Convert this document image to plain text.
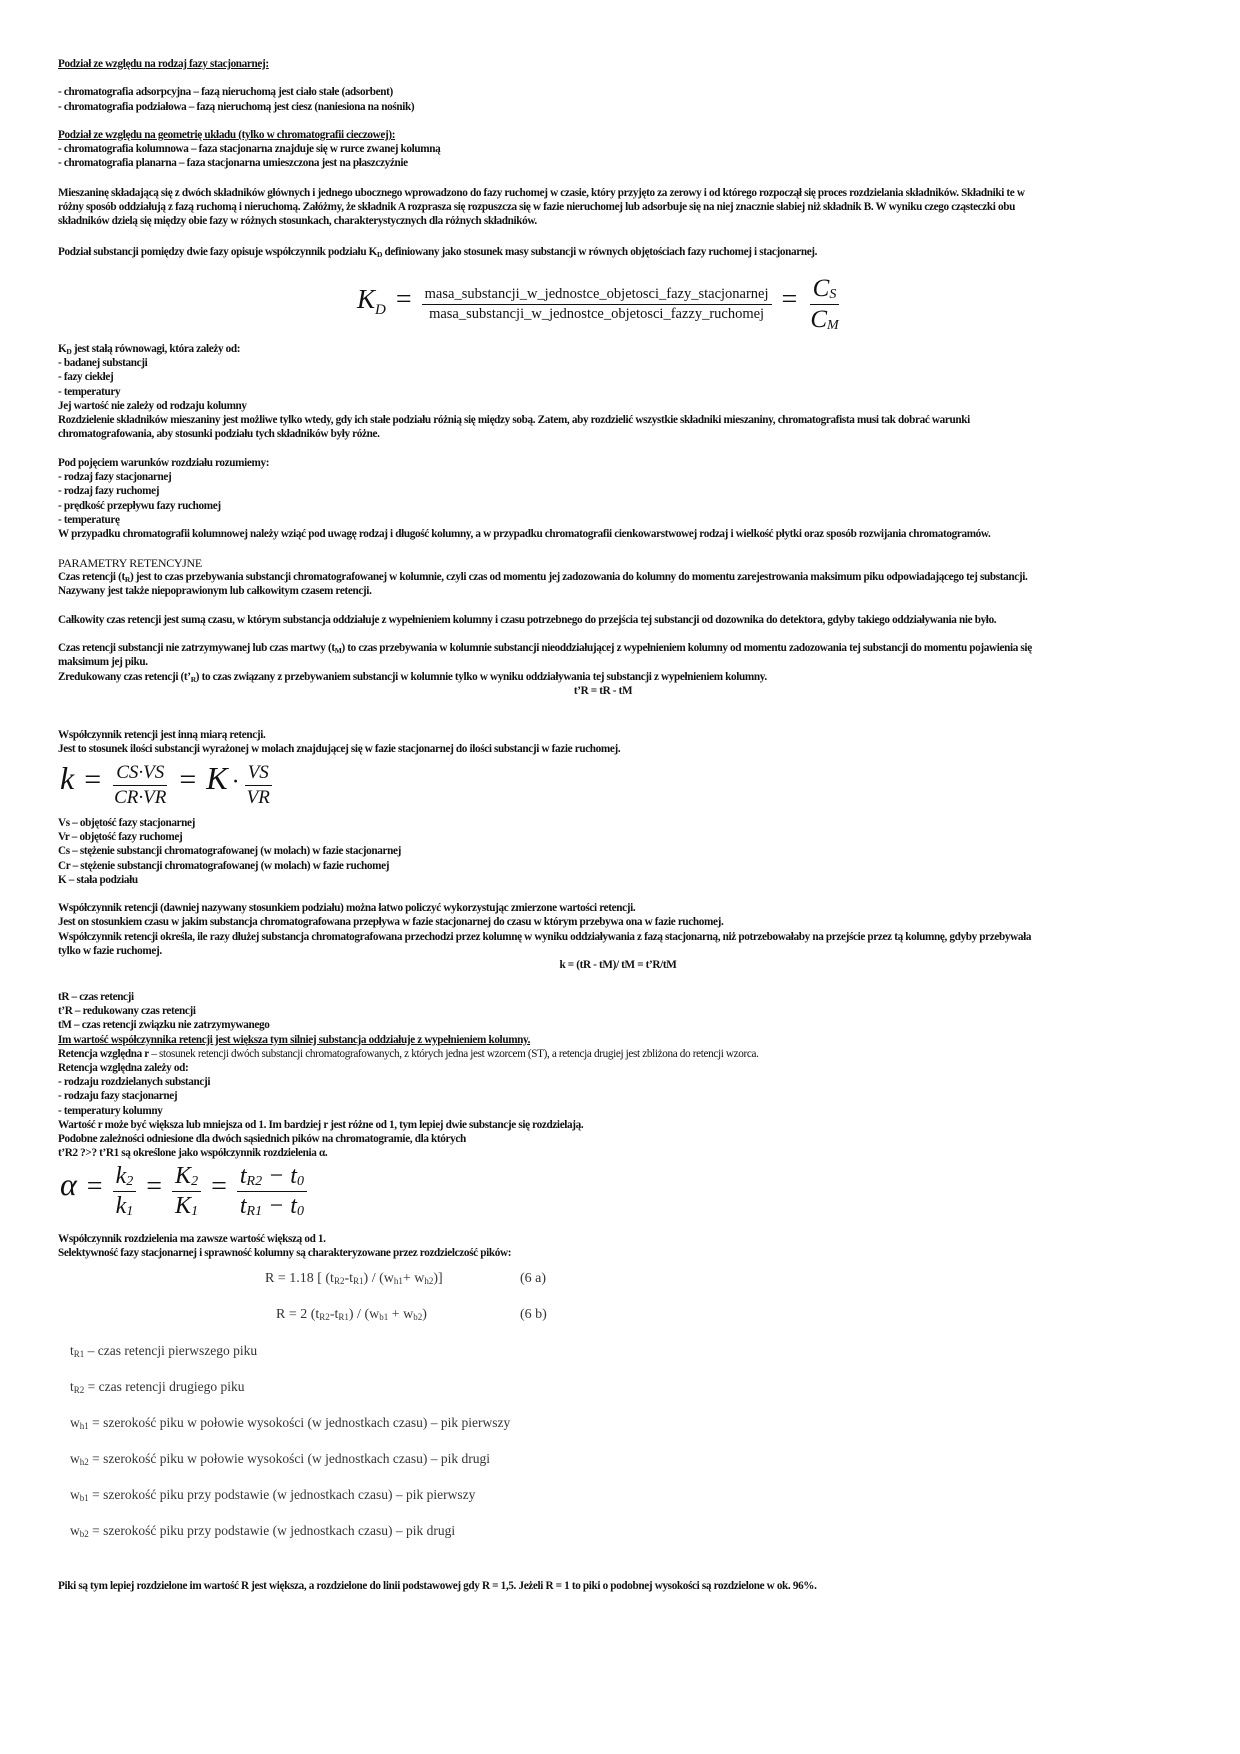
Podział ze względu na rodzaj fazy stacjonarnej:

- chromatografia adsorpcyjna – fazą nieruchomą jest ciało stałe (adsorbent)

- chromatografia podziałowa – fazą nieruchomą jest ciesz (naniesiona na nośnik)

Podział ze względu na geometrię układu (tylko w chromatografii cieczowej):

- chromatografia kolumnowa – faza stacjonarna znajduje się w rurce zwanej kolumną

- chromatografia planarna – faza stacjonarna umieszczona jest na płaszczyźnie

Mieszaninę składającą się z dwóch składników głównych i jednego ubocznego wprowadzono do fazy ruchomej w czasie, który przyjęto za zerowy i od którego rozpoczął się proces rozdzielania składników. Składniki te w

różny sposób oddziałują z fazą ruchomą i nieruchomą. Załóżmy, że składnik A rozprasza się rozpuszcza się w fazie nieruchomej lub adsorbuje się na niej znacznie słabiej niż składnik B. W wyniku czego cząsteczki obu

składników dzielą się między obie fazy w różnych stosunkach, charakterystycznych dla różnych składników.

Podział substancji pomiędzy dwie fazy opisuje współczynnik podziału $K_D$ definiowany jako stosunek masy substancji w równych objętościach fazy ruchomej i stacjonarnej.

$K_D = \frac{\text{masa\_substancji\_w\_jednostce\_objetosci\_fazy\_stacjonarnej}}{\text{masa\_substancji\_w\_jednostce\_objetosci\_fazzy\_ruchomej}} = \frac{C_S}{C_M}$

$K_D$ jest stałą równowagi, która zależy od:

- badanej substancji

- fazy ciekłej

- temperatury

Jej wartość nie zależy od rodzaju kolumny

Rozdzielenie składników mieszaniny jest możliwe tylko wtedy, gdy ich stałe podziału różnią się między sobą. Zatem, aby rozdzielić wszystkie składniki mieszaniny, chromatografista musi tak dobrać warunki

chromatografowania, aby stosunki podziału tych składników były różne.

Pod pojęciem warunków rozdziału rozumiemy:

- rodzaj fazy stacjonarnej

- rodzaj fazy ruchomej

- prędkość przepływu fazy ruchomej

- temperaturę

W przypadku chromatografii kolumnowej należy wziąć pod uwagę rodzaj i długość kolumny, a w przypadku chromatografii cienkowarstwowej rodzaj i wielkość płytki oraz sposób rozwijania chromatogramów.

PARAMETRY RETENCYJNE

Czas retencji $(t_R)$ jest to czas przebywania substancji chromatografowanej w kolumnie, czyli czas od momentu jej zadozowania do kolumny do momentu zarejestrowania maksimum piku odpowiadającego tej substancji.

Nazywany jest także niepoprawionym lub całkowitym czasem retencji.

Całkowity czas retencji jest sumą czasu, w którym substancja oddziałuje z wypełnieniem kolumny i czasu potrzebnego do przejścia tej substancji od dozownika do detektora, gdyby takiego oddziaływania nie było.

Czas retencji substancji nie zatrzymywanej lub czas martwy $(t_M)$ to czas przebywania w kolumnie substancji nieoddziałującej z wypełnieniem kolumny od momentu zadozowania tej substancji do momentu pojawienia się

maksimum jej piku.

Zredukowany czas retencji $(t’_R)$ to czas związany z przebywaniem substancji w kolumnie tylko w wyniku oddziaływania tej substancji z wypełnieniem kolumny.

t’R = tR - tM

Współczynnik retencji jest inną miarą retencji.

Jest to stosunek ilości substancji wyrażonej w molach znajdującej się w fazie stacjonarnej do ilości substancji w fazie ruchomej.

$k = \frac{CS\cdot VS}{CR\cdot VR} = K \cdot \frac{VS}{VR}$

Vs – objętość fazy stacjonarnej

Vr – objętość fazy ruchomej

Cs – stężenie substancji chromatografowanej (w molach) w fazie stacjonarnej

Cr – stężenie substancji chromatografowanej (w molach) w fazie ruchomej

K – stała podziału

Współczynnik retencji (dawniej nazywany stosunkiem podziału) można łatwo policzyć wykorzystując zmierzone wartości retencji.

Jest on stosunkiem czasu w jakim substancja chromatografowana przepływa w fazie stacjonarnej do czasu w którym przebywa ona w fazie ruchomej.

Współczynnik retencji określa, ile razy dłużej substancja chromatografowana przechodzi przez kolumnę w wyniku oddziaływania z fazą stacjonarną, niż potrzebowałaby na przejście przez tą kolumnę, gdyby przebywała

tylko w fazie ruchomej.

k = (tR - tM)/ tM = t’R/tM

tR – czas retencji

t’R – redukowany czas retencji

tM – czas retencji związku nie zatrzymywanego

Im wartość współczynnika retencji jest większa tym silniej substancja oddziałuje z wypełnieniem kolumny.

Retencja względna r – stosunek retencji dwóch substancji chromatografowanych, z których jedna jest wzorcem (ST), a retencja drugiej jest zbliżona do retencji wzorca.

Retencja względna zależy od:

- rodzaju rozdzielanych substancji

- rodzaju fazy stacjonarnej

- temperatury kolumny

Wartość r może być większa lub mniejsza od 1. Im bardziej r jest różne od 1, tym lepiej dwie substancje się rozdzielają.

Podobne zależności odniesione dla dwóch sąsiednich pików na chromatogramie, dla których

t’R2 ?>? t’R1 są określone jako współczynnik rozdzielenia α.

$\alpha = \frac{k_2}{k_1} = \frac{K_2}{K_1} = \frac{t_{R2} - t_0}{t_{R1} - t_0}$

Współczynnik rozdzielenia ma zawsze wartość większą od 1.

Selektywność fazy stacjonarnej i sprawność kolumny są charakteryzowane przez rozdzielczość pików:

R = 1.18 [ $(t_{R2}-t_{R1}) / (w_{h1}+ w_{h2})$]	(6 a)
R = 2 $(t_{R2}-t_{R1}) / (w_{b1} + w_{b2})$	(6 b)
$t_{R1}$ – czas retencji pierwszego piku
$t_{R2}$ = czas retencji drugiego piku
$w_{h1}$ = szerokość piku w połowie wysokości (w jednostkach czasu) – pik pierwszy
$w_{h2}$ = szerokość piku w połowie wysokości (w jednostkach czasu) – pik drugi
$w_{b1}$ = szerokość piku przy podstawie (w jednostkach czasu) – pik pierwszy
$w_{b2}$ = szerokość piku przy podstawie (w jednostkach czasu) – pik drugi

Piki są tym lepiej rozdzielone im wartość R jest większa, a rozdzielone do linii podstawowej gdy R = 1,5. Jeżeli R = 1 to piki o podobnej wysokości są rozdzielone w ok. 96%.
